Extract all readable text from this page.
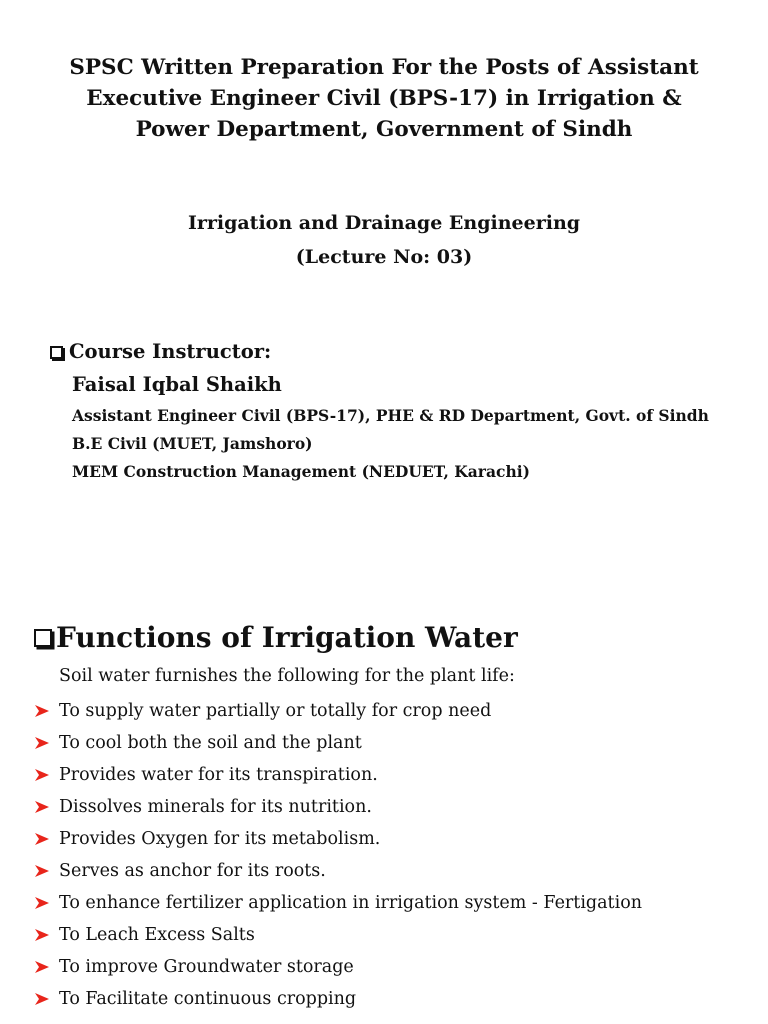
SPSC Written Preparation For the Posts of Assistant
Executive Engineer Civil (BPS-17) in Irrigation &
Power Department, Government of Sindh
Irrigation and Drainage Engineering
(Lecture No: 03)
Course Instructor:
Faisal Iqbal Shaikh
Assistant Engineer Civil (BPS-17), PHE & RD Department, Govt. of Sindh
B.E Civil (MUET, Jamshoro)
MEM Construction Management (NEDUET, Karachi)
Functions of Irrigation Water
Soil water furnishes the following for the plant life:
To supply water partially or totally for crop need
To cool both the soil and the plant
Provides water for its transpiration.
Dissolves minerals for its nutrition.
Provides Oxygen for its metabolism.
Serves as anchor for its roots.
To enhance fertilizer application in irrigation system - Fertigation
To Leach Excess Salts
To improve Groundwater storage
To Facilitate continuous cropping
